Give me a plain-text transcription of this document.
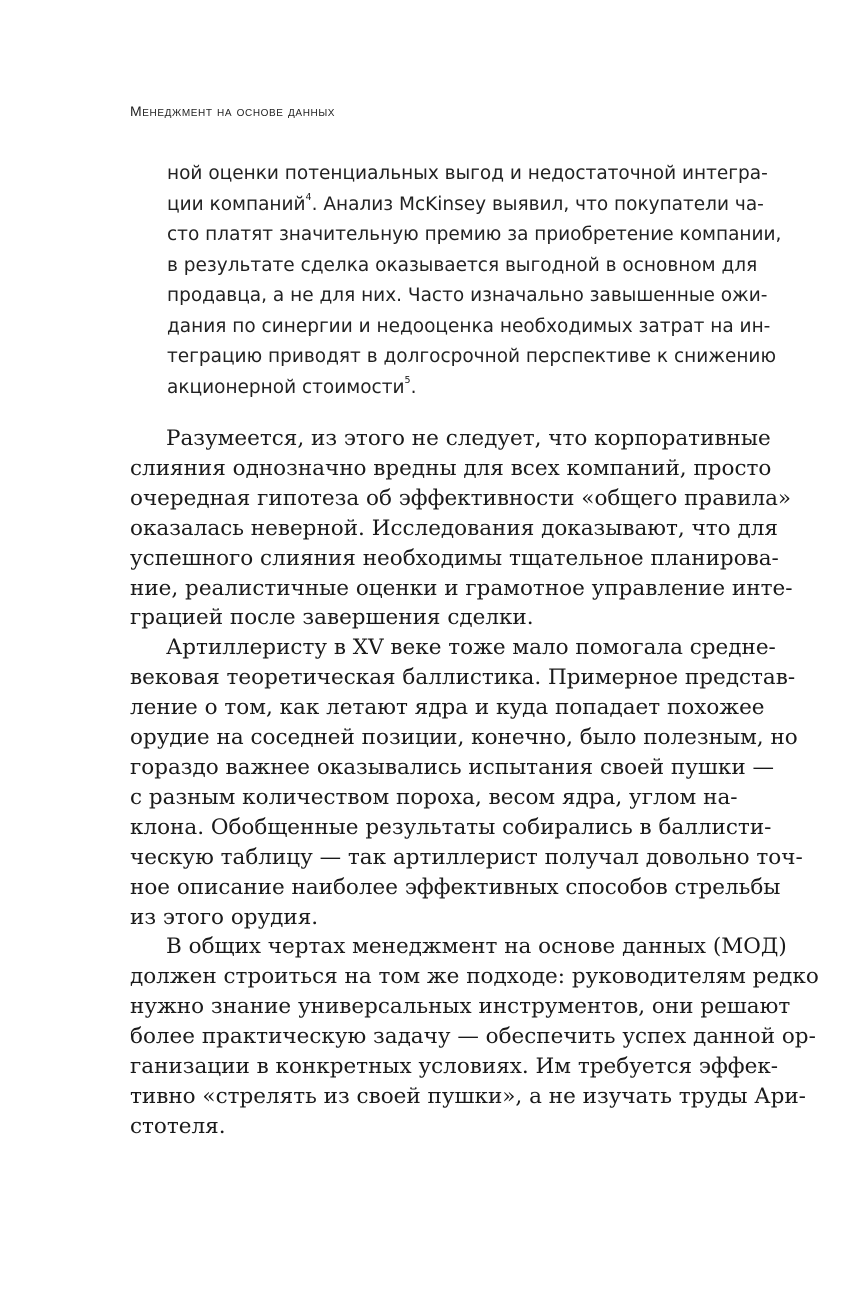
Менеджмент на основе данных
ной оценки потенциальных выгод и недостаточной интегра-
ции компаний$^4$. Анализ McKinsey выявил, что покупатели ча-
сто платят значительную премию за приобретение компании,
в результате сделка оказывается выгодной в основном для
продавца, а не для них. Часто изначально завышенные ожи-
дания по синергии и недооценка необходимых затрат на ин-
теграцию приводят в долгосрочной перспективе к снижению
акционерной стоимости$^5$.
Разумеется, из этого не следует, что корпоративные
слияния однозначно вредны для всех компаний, просто
очередная гипотеза об эффективности «общего правила»
оказалась неверной. Исследования доказывают, что для
успешного слияния необходимы тщательное планирова-
ние, реалистичные оценки и грамотное управление инте-
грацией после завершения сделки.
Артиллеристу в XV веке тоже мало помогала средне-
вековая теоретическая баллистика. Примерное представ-
ление о том, как летают ядра и куда попадает похожее
орудие на соседней позиции, конечно, было полезным, но
гораздо важнее оказывались испытания своей пушки —
с разным количеством пороха, весом ядра, углом на-
клона. Обобщенные результаты собирались в баллисти-
ческую таблицу — так артиллерист получал довольно точ-
ное описание наиболее эффективных способов стрельбы
из этого орудия.
В общих чертах менеджмент на основе данных (МОД)
должен строиться на том же подходе: руководителям редко
нужно знание универсальных инструментов, они решают
более практическую задачу — обеспечить успех данной ор-
ганизации в конкретных условиях. Им требуется эффек-
тивно «стрелять из своей пушки», а не изучать труды Ари-
стотеля.
